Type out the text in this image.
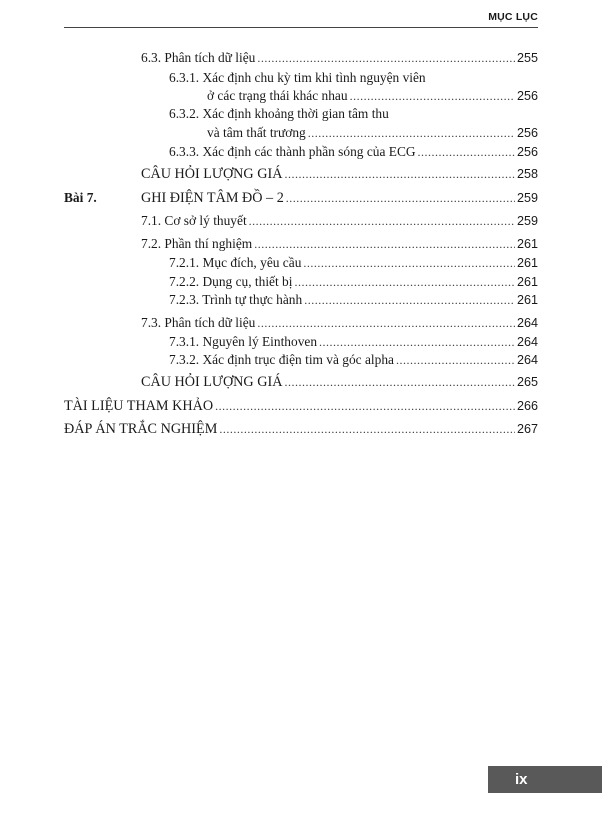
MỤC LỤC
6.3. Phân tích dữ liệu .....	255
6.3.1. Xác định chu kỳ tim khi tình nguyện viên
ở các trạng thái khác nhau .....	256
6.3.2. Xác định khoảng thời gian tâm thu
và tâm thất trương .....	256
6.3.3. Xác định các thành phần sóng của ECG .....	256
CÂU HỎI LƯỢNG GIÁ .....	258
Bài 7.	GHI ĐIỆN TÂM ĐỒ – 2 .....	259
7.1. Cơ sở lý thuyết .....	259
7.2. Phần thí nghiệm .....	261
7.2.1. Mục đích, yêu cầu .....	261
7.2.2. Dụng cụ, thiết bị .....	261
7.2.3. Trình tự thực hành .....	261
7.3. Phân tích dữ liệu .....	264
7.3.1. Nguyên lý Einthoven .....	264
7.3.2. Xác định trục điện tim và góc alpha .....	264
CÂU HỎI LƯỢNG GIÁ .....	265
TÀI LIỆU THAM KHẢO .....	266
ĐÁP ÁN TRẮC NGHIỆM .....	267
ix
